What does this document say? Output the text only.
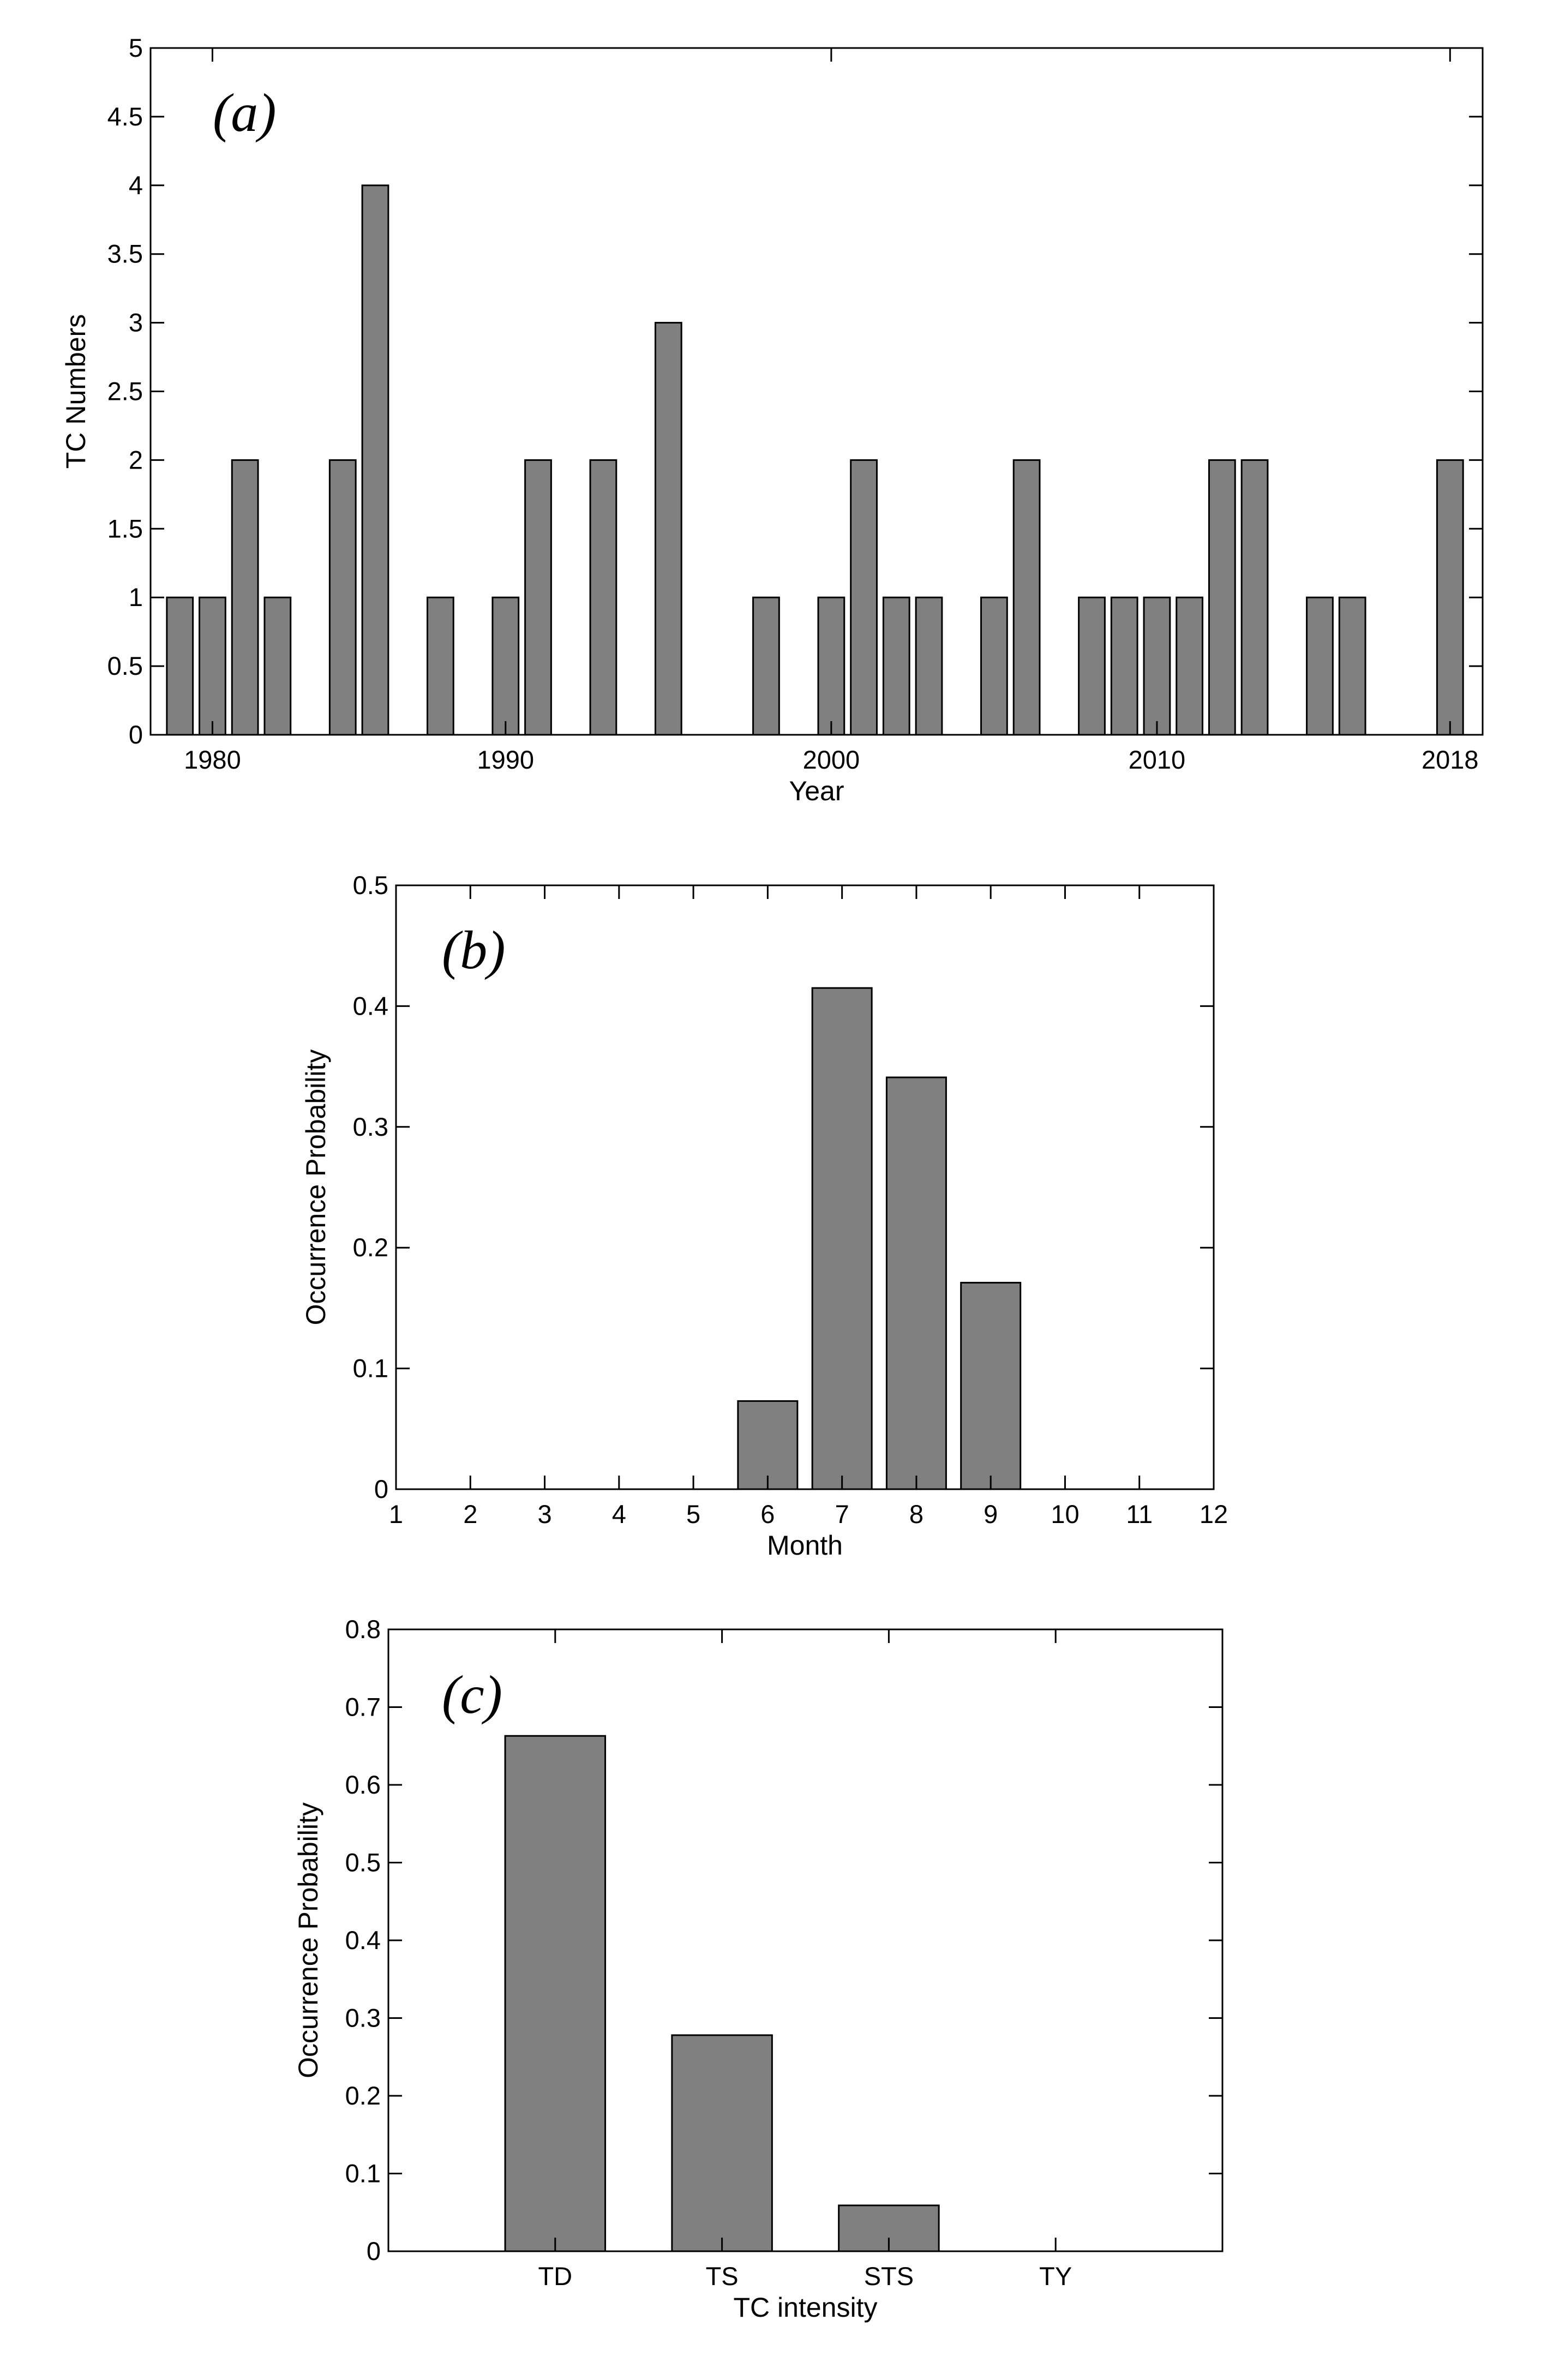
0
0.5
1
1.5
2
2.5
3
3.5
4
4.5
5
1980	1990	2000	2010	2018
Year
TC Numbers
(a)
0
0.1
0.2
0.3
0.4
0.5
1 2 3 4 5 6 7 8 9 10 11 12
Month
Occurrence Probability
(b)
0
0.1
0.2
0.3
0.4
0.5
0.6
0.7
0.8
TD	TS	STS	TY
TC intensity
Occurrence Probability
(c)
